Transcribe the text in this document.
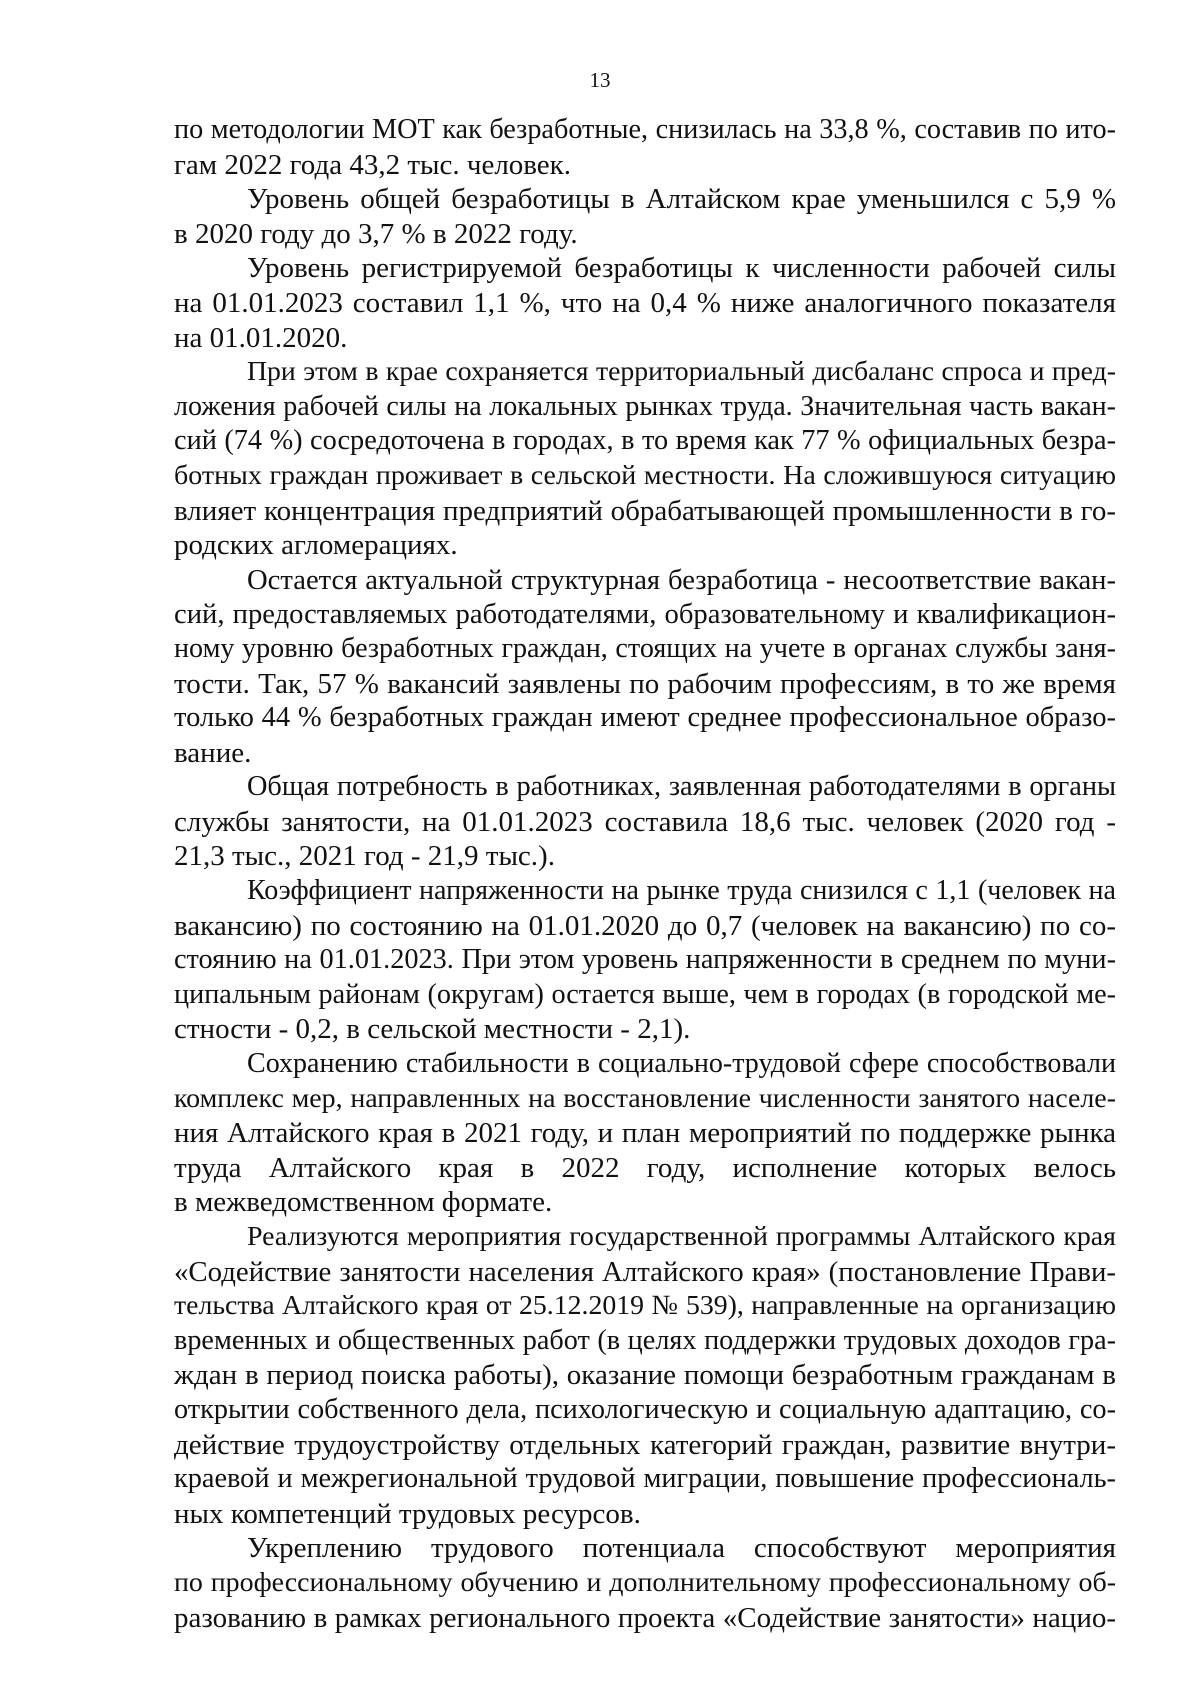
13
по методологии МОТ как безработные, снизилась на 33,8 %, составив по ито-
гам 2022 года 43,2 тыс. человек.
Уровень общей безработицы в Алтайском крае уменьшился с 5,9 %
в 2020 году до 3,7 % в 2022 году.
Уровень регистрируемой безработицы к численности рабочей силы
на 01.01.2023 составил 1,1 %, что на 0,4 % ниже аналогичного показателя
на 01.01.2020.
При этом в крае сохраняется территориальный дисбаланс спроса и пред-
ложения рабочей силы на локальных рынках труда. Значительная часть вакан-
сий (74 %) сосредоточена в городах, в то время как 77 % официальных безра-
ботных граждан проживает в сельской местности. На сложившуюся ситуацию
влияет концентрация предприятий обрабатывающей промышленности в го-
родских агломерациях.
Остается актуальной структурная безработица - несоответствие вакан-
сий, предоставляемых работодателями, образовательному и квалификацион-
ному уровню безработных граждан, стоящих на учете в органах службы заня-
тости. Так, 57 % вакансий заявлены по рабочим профессиям, в то же время
только 44 % безработных граждан имеют среднее профессиональное образо-
вание.
Общая потребность в работниках, заявленная работодателями в органы
службы занятости, на 01.01.2023 составила 18,6 тыс. человек (2020 год -
21,3 тыс., 2021 год - 21,9 тыс.).
Коэффициент напряженности на рынке труда снизился с 1,1 (человек на
вакансию) по состоянию на 01.01.2020 до 0,7 (человек на вакансию) по со-
стоянию на 01.01.2023. При этом уровень напряженности в среднем по муни-
ципальным районам (округам) остается выше, чем в городах (в городской ме-
стности - 0,2, в сельской местности - 2,1).
Сохранению стабильности в социально-трудовой сфере способствовали
комплекс мер, направленных на восстановление численности занятого населе-
ния Алтайского края в 2021 году, и план мероприятий по поддержке рынка
труда Алтайского края в 2022 году, исполнение которых велось
в межведомственном формате.
Реализуются мероприятия государственной программы Алтайского края
«Содействие занятости населения Алтайского края» (постановление Прави-
тельства Алтайского края от 25.12.2019 № 539), направленные на организацию
временных и общественных работ (в целях поддержки трудовых доходов гра-
ждан в период поиска работы), оказание помощи безработным гражданам в
открытии собственного дела, психологическую и социальную адаптацию, со-
действие трудоустройству отдельных категорий граждан, развитие внутри-
краевой и межрегиональной трудовой миграции, повышение профессиональ-
ных компетенций трудовых ресурсов.
Укреплению трудового потенциала способствуют мероприятия
по профессиональному обучению и дополнительному профессиональному об-
разованию в рамках регионального проекта «Содействие занятости» нацио-
